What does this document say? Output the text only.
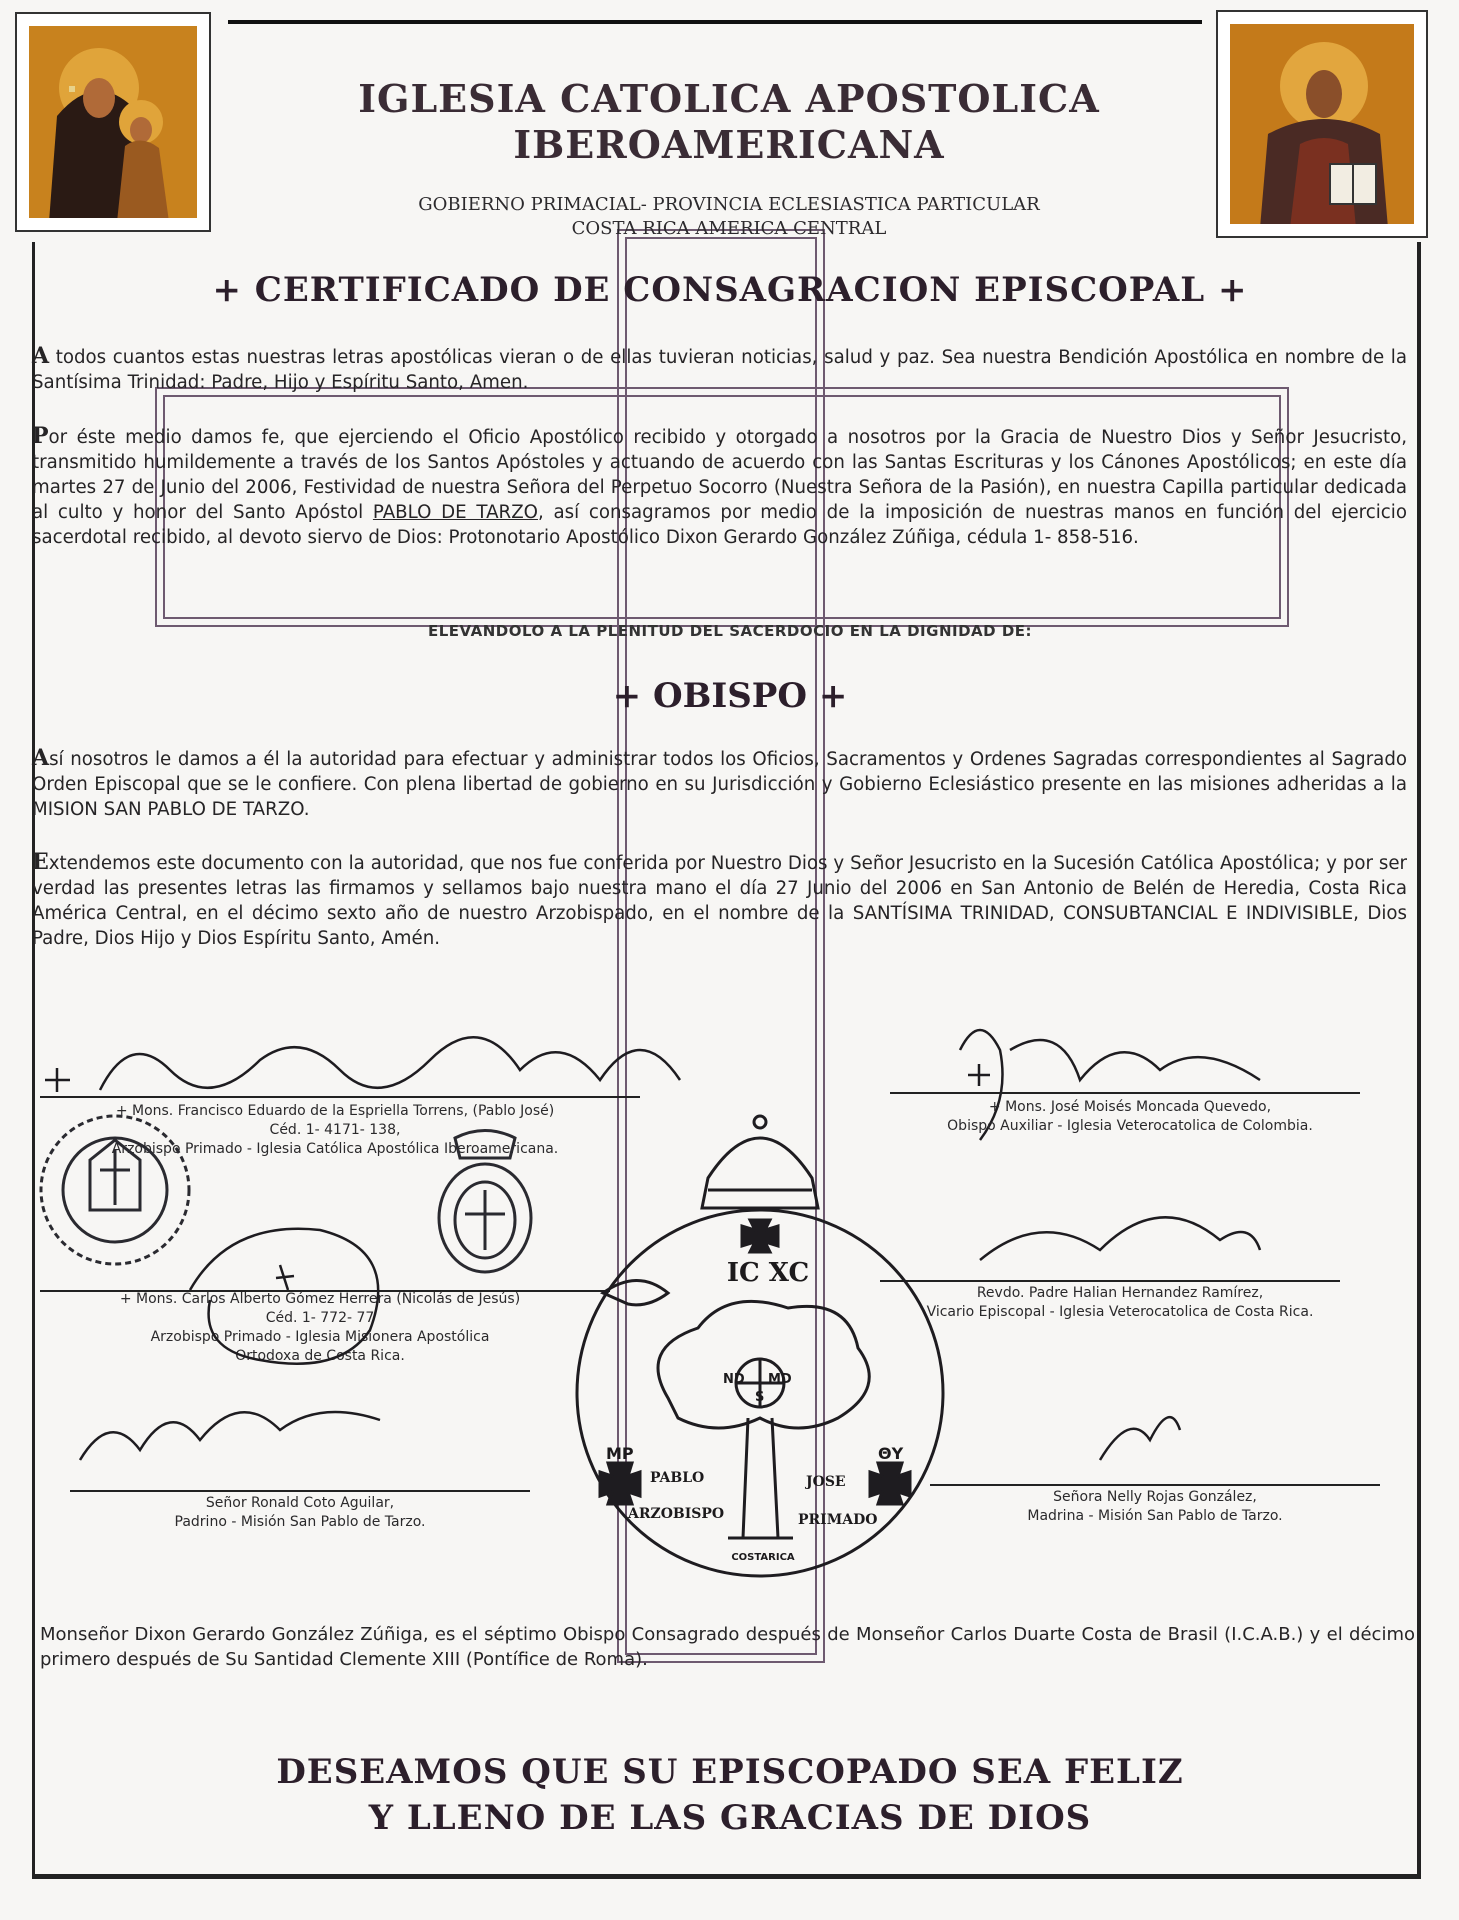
IGLESIA CATOLICA APOSTOLICA
IBEROAMERICANA
GOBIERNO PRIMACIAL- PROVINCIA ECLESIASTICA PARTICULAR
COSTA RICA AMERICA CENTRAL
+ CERTIFICADO DE CONSAGRACION EPISCOPAL +
A todos cuantos estas nuestras letras apostólicas vieran o de ellas tuvieran noticias, salud y paz. Sea nuestra Bendición Apostólica en nombre de la Santísima Trinidad: Padre, Hijo y Espíritu Santo, Amen.
Por éste medio damos fe, que ejerciendo el Oficio Apostólico recibido y otorgado a nosotros por la Gracia de Nuestro Dios y Señor Jesucristo, transmitido humildemente a través de los Santos Apóstoles y actuando de acuerdo con las Santas Escrituras y los Cánones Apostólicos; en este día martes 27 de Junio del 2006, Festividad de nuestra Señora del Perpetuo Socorro (Nuestra Señora de la Pasión), en nuestra Capilla particular dedicada al culto y honor del Santo Apóstol PABLO DE TARZO, así consagramos por medio de la imposición de nuestras manos en función del ejercicio sacerdotal recibido, al devoto siervo de Dios: Protonotario Apostólico Dixon Gerardo González Zúñiga, cédula 1- 858-516.
ELEVANDOLO A LA PLENITUD DEL SACERDOCIO EN LA DIGNIDAD DE:
+ OBISPO +
Así nosotros le damos a él la autoridad para efectuar y administrar todos los Oficios, Sacramentos y Ordenes Sagradas correspondientes al Sagrado Orden Episcopal que se le confiere. Con plena libertad de gobierno en su Jurisdicción y Gobierno Eclesiástico presente en las misiones adheridas a la MISION SAN PABLO DE TARZO.
Extendemos este documento con la autoridad, que nos fue conferida por Nuestro Dios y Señor Jesucristo en la Sucesión Católica Apostólica; y por ser verdad las presentes letras las firmamos y sellamos bajo nuestra mano el día 27 Junio del 2006 en San Antonio de Belén de Heredia, Costa Rica América Central, en el décimo sexto año de nuestro Arzobispado, en el nombre de la SANTÍSIMA TRINIDAD, CONSUBTANCIAL E INDIVISIBLE, Dios Padre, Dios Hijo y Dios Espíritu Santo, Amén.
+ Mons. Francisco Eduardo de la Espriella Torrens, (Pablo José)
Céd. 1- 4171- 138,
Arzobispo Primado - Iglesia Católica Apostólica Iberoamericana.
+ Mons. José Moisés Moncada Quevedo,
Obispo Auxiliar - Iglesia Veterocatolica de Colombia.
+ Mons. Carlos Alberto Gómez Herrera (Nicolás de Jesús)
Céd. 1- 772- 77
Arzobispo Primado - Iglesia Misionera Apostólica
Ortodoxa de Costa Rica.
Revdo. Padre Halian Hernandez Ramírez,
Vicario Episcopal - Iglesia Veterocatolica de Costa Rica.
Señor Ronald Coto Aguilar,
Padrino - Misión San Pablo de Tarzo.
Señora Nelly Rojas González,
Madrina - Misión San Pablo de Tarzo.
IC XC
ND MD
S
MP	ΘY
PABLO	JOSE
ARZOBISPO	PRIMADO
COSTARICA
Monseñor Dixon Gerardo González Zúñiga, es el séptimo Obispo Consagrado después de Monseñor Carlos Duarte Costa de Brasil (I.C.A.B.) y el décimo primero después de Su Santidad Clemente XIII (Pontífice de Roma).
DESEAMOS QUE SU EPISCOPADO SEA FELIZ
Y LLENO DE LAS GRACIAS DE DIOS
